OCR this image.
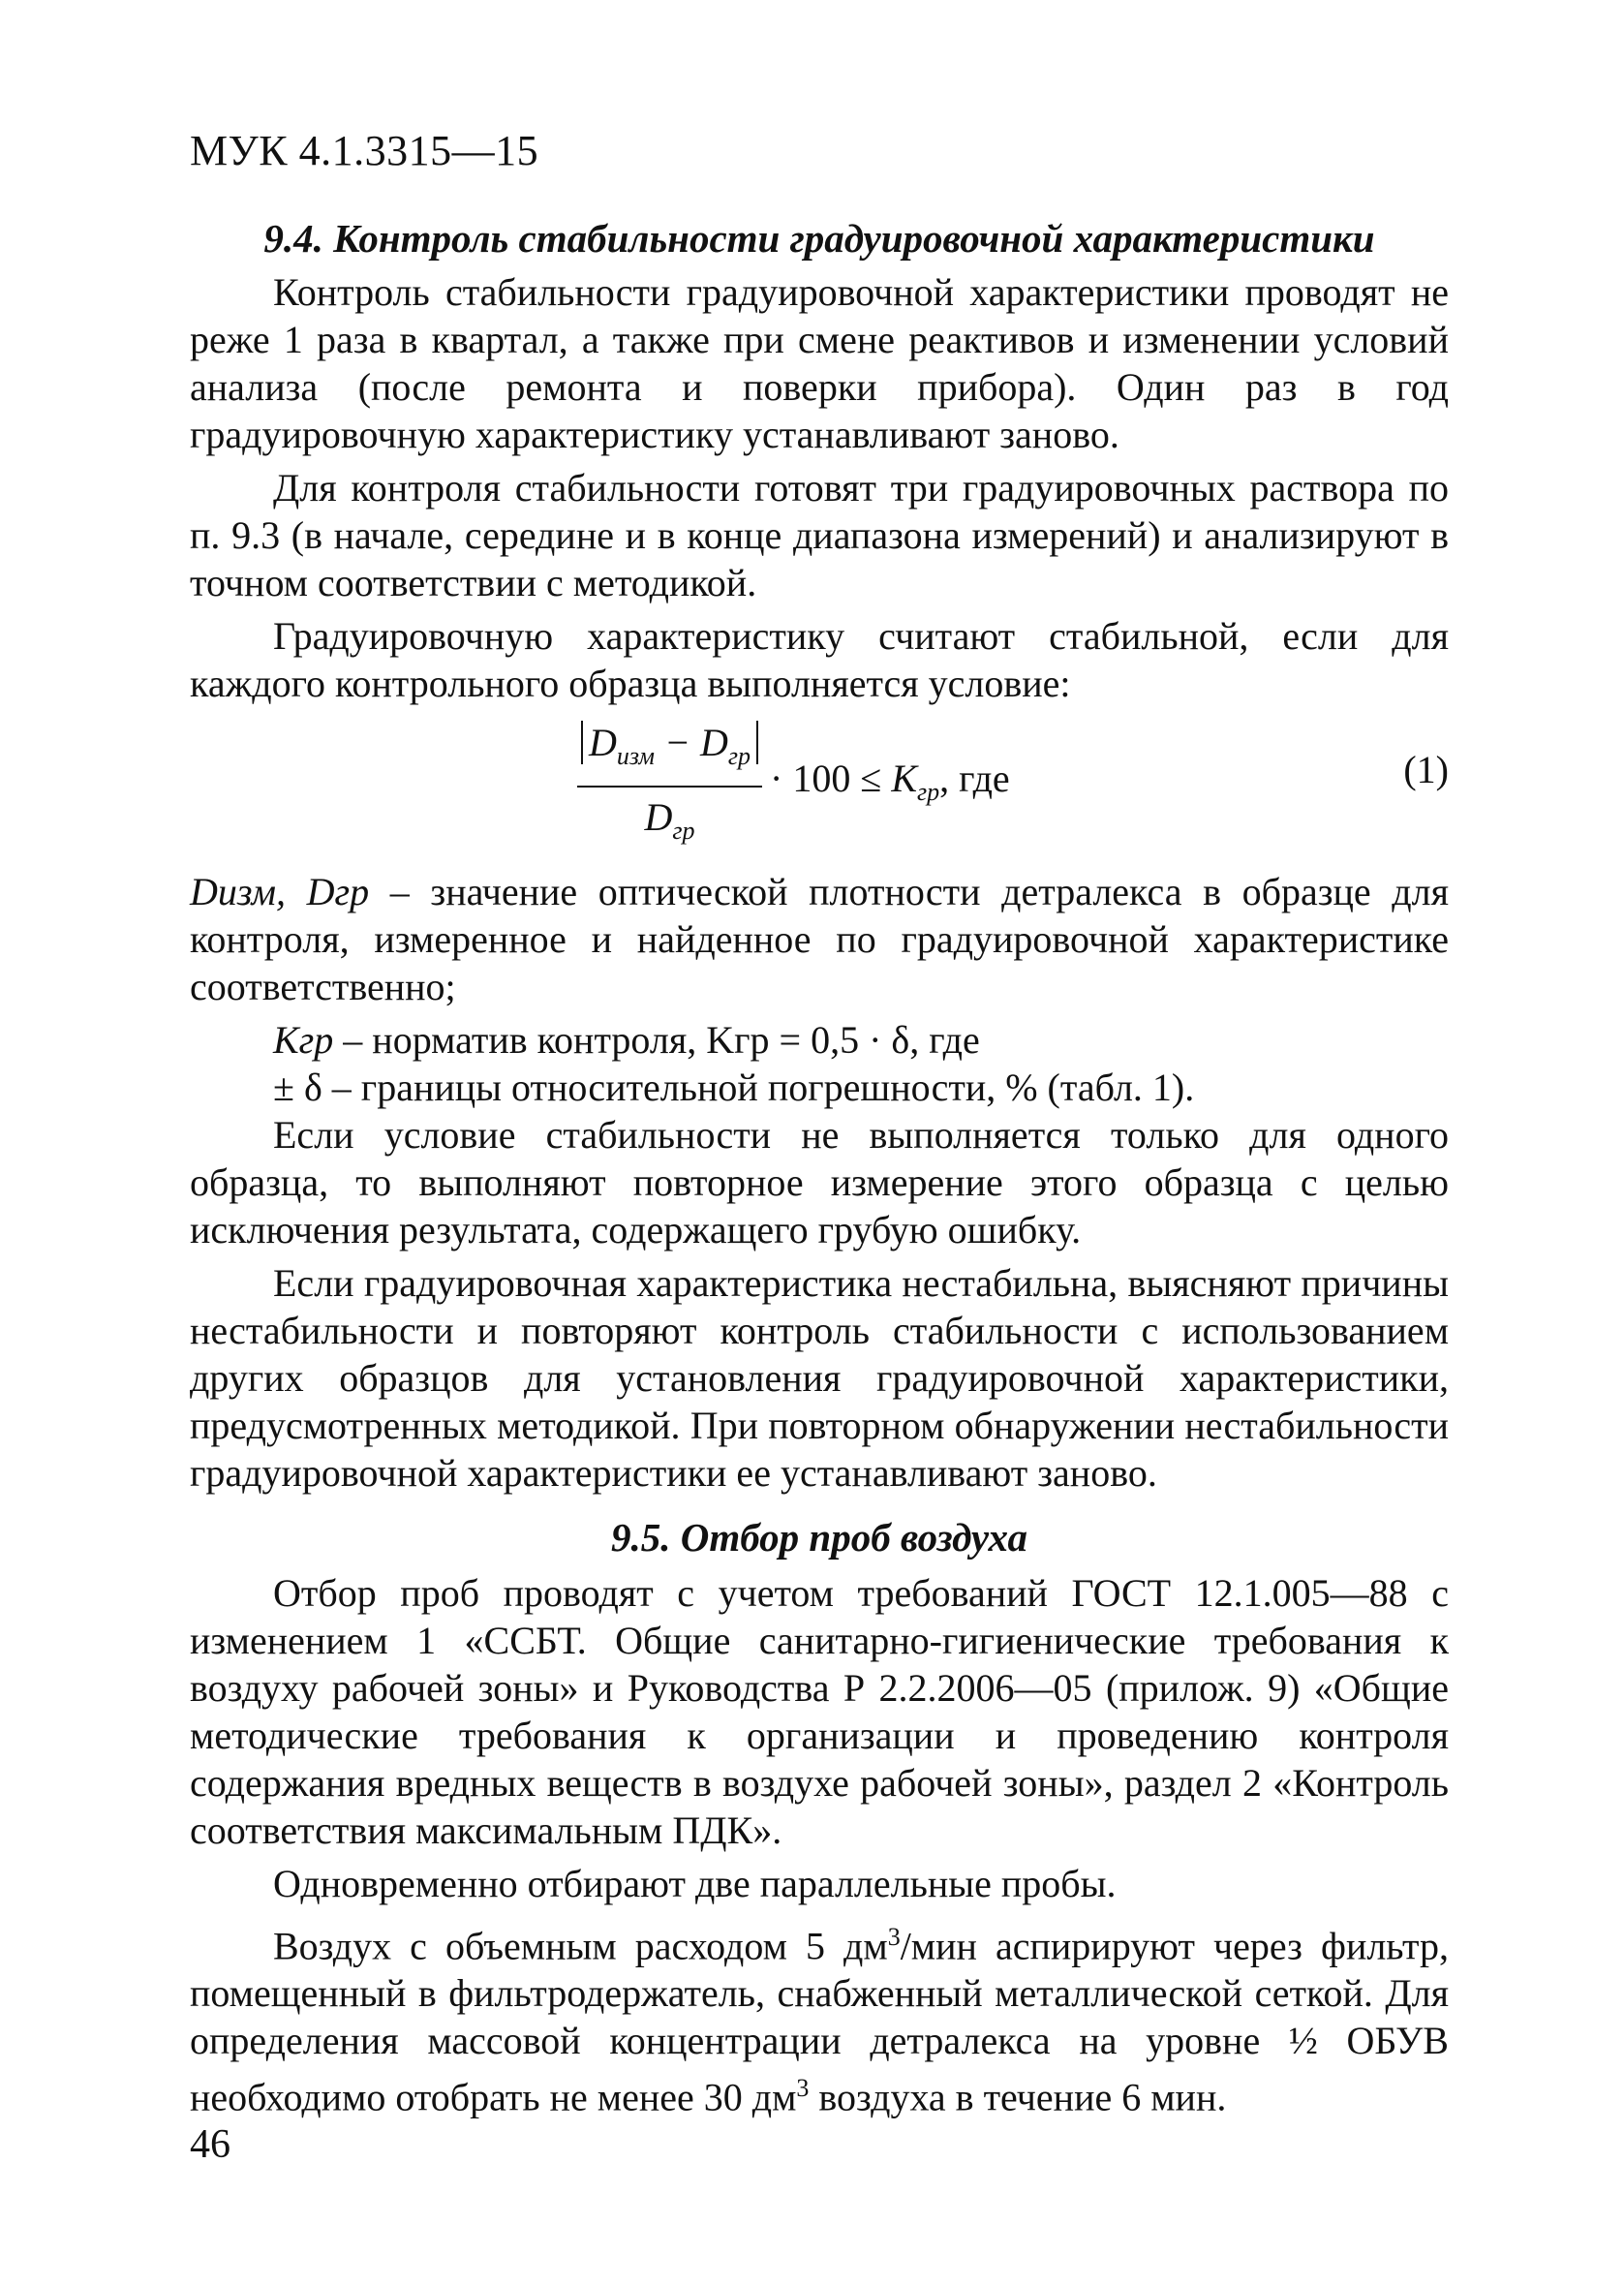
МУК 4.1.3315—15
9.4. Контроль стабильности градуировочной характеристики

Контроль стабильности градуировочной характеристики проводят не реже 1 раза в квартал, а также при смене реактивов и изменении условий анализа (после ремонта и поверки прибора). Один раз в год градуировочную характеристику устанавливают заново.

Для контроля стабильности готовят три градуировочных раствора по п. 9.3 (в начале, середине и в конце диапазона измерений) и анализируют в точном соответствии с методикой.

Градуировочную характеристику считают стабильной, если для каждого контрольного образца выполняется условие:

$\frac{D_{изм} - D_{гр}}{D_{гр}} \cdot 100 \le K_{гр}$, где	(1)

Dизм, Dгр – значение оптической плотности детралекса в образце для контроля, измеренное и найденное по градуировочной характеристике соответственно;

Kгр – норматив контроля, Kгр = 0,5 · δ, где

± δ – границы относительной погрешности, % (табл. 1).

Если условие стабильности не выполняется только для одного образца, то выполняют повторное измерение этого образца с целью исключения результата, содержащего грубую ошибку.

Если градуировочная характеристика нестабильна, выясняют причины нестабильности и повторяют контроль стабильности с использованием других образцов для установления градуировочной характеристики, предусмотренных методикой. При повторном обнаружении нестабильности градуировочной характеристики ее устанавливают заново.

9.5. Отбор проб воздуха

Отбор проб проводят с учетом требований ГОСТ 12.1.005—88 с изменением 1 «ССБТ. Общие санитарно-гигиенические требования к воздуху рабочей зоны» и Руководства Р 2.2.2006—05 (прилож. 9) «Общие методические требования к организации и проведению контроля содержания вредных веществ в воздухе рабочей зоны», раздел 2 «Контроль соответствия максимальным ПДК».

Одновременно отбирают две параллельные пробы.

Воздух с объемным расходом 5 $дм^3$/мин аспирируют через фильтр, помещенный в фильтродержатель, снабженный металлической сеткой. Для определения массовой концентрации детралекса на уровне ½ ОБУВ необходимо отобрать не менее 30 $дм^3$ воздуха в течение 6 мин.

46
